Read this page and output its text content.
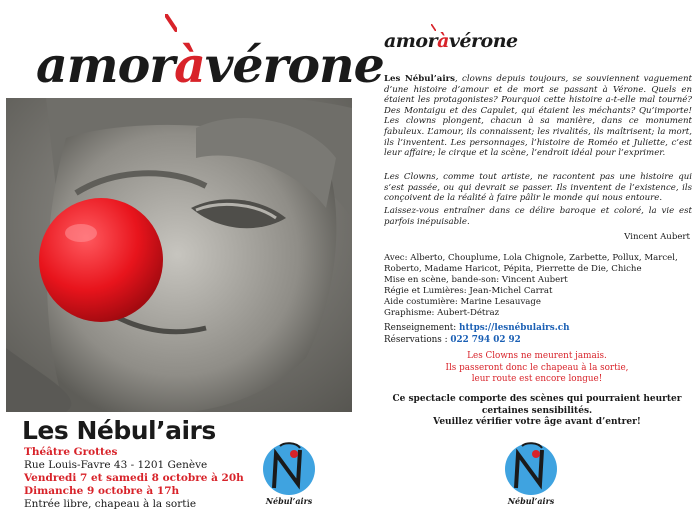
amoràvérone
Les Nébul’airs
Théâtre Grottes
Rue Louis-Favre 43 - 1201 Genève
Vendredi 7 et samedi 8 octobre à 20h
Dimanche 9 octobre à 17h
Entrée libre, chapeau à la sortie	Nébul’airs
amoràvérone
Les Nébul’airs, clowns depuis toujours, se souviennent vaguement d’une histoire d’amour et de mort se passant à Vérone. Quels en étaient les protagonistes? Pourquoi cette histoire a-t-elle mal tourné? Des Montaigu et des Capulet, qui étaient les méchants? Qu’importe! Les clowns plongent, chacun à sa manière, dans ce monument fabuleux. L’amour, ils connaissent; les rivalités, ils maîtrisent; la mort, ils l’inventent. Les personnages, l’histoire de Roméo et Juliette, c’est leur affaire; le cirque et la scène, l’endroit idéal pour l’exprimer.
Les Clowns, comme tout artiste, ne racontent pas une histoire qui s’est passée, ou qui devrait se passer. Ils inventent de l’existence, ils conçoivent de la réalité à faire pâlir le monde qui nous entoure.
Laissez-vous entraîner dans ce délire baroque et coloré, la vie est parfois inépuisable.
Vincent Aubert
Avec: Alberto, Chouplume, Lola Chignole, Zarbette, Pollux, Marcel, Roberto, Madame Haricot, Pépita, Pierrette de Die, Chiche
Mise en scène, bande-son: Vincent Aubert
Régie et Lumières: Jean-Michel Carrat
Aide costumière: Marine Lesauvage
Graphisme: Aubert-Détraz
Renseignement: https://lesnébulairs.ch
Réservations : 022 794 02 92
Les Clowns ne meurent jamais.
Ils passeront donc le chapeau à la sortie,
leur route est encore longue!
Ce spectacle comporte des scènes qui pourraient heurter
certaines sensibilités.
Veuillez vérifier votre âge avant d’entrer!
Nébul’airs
